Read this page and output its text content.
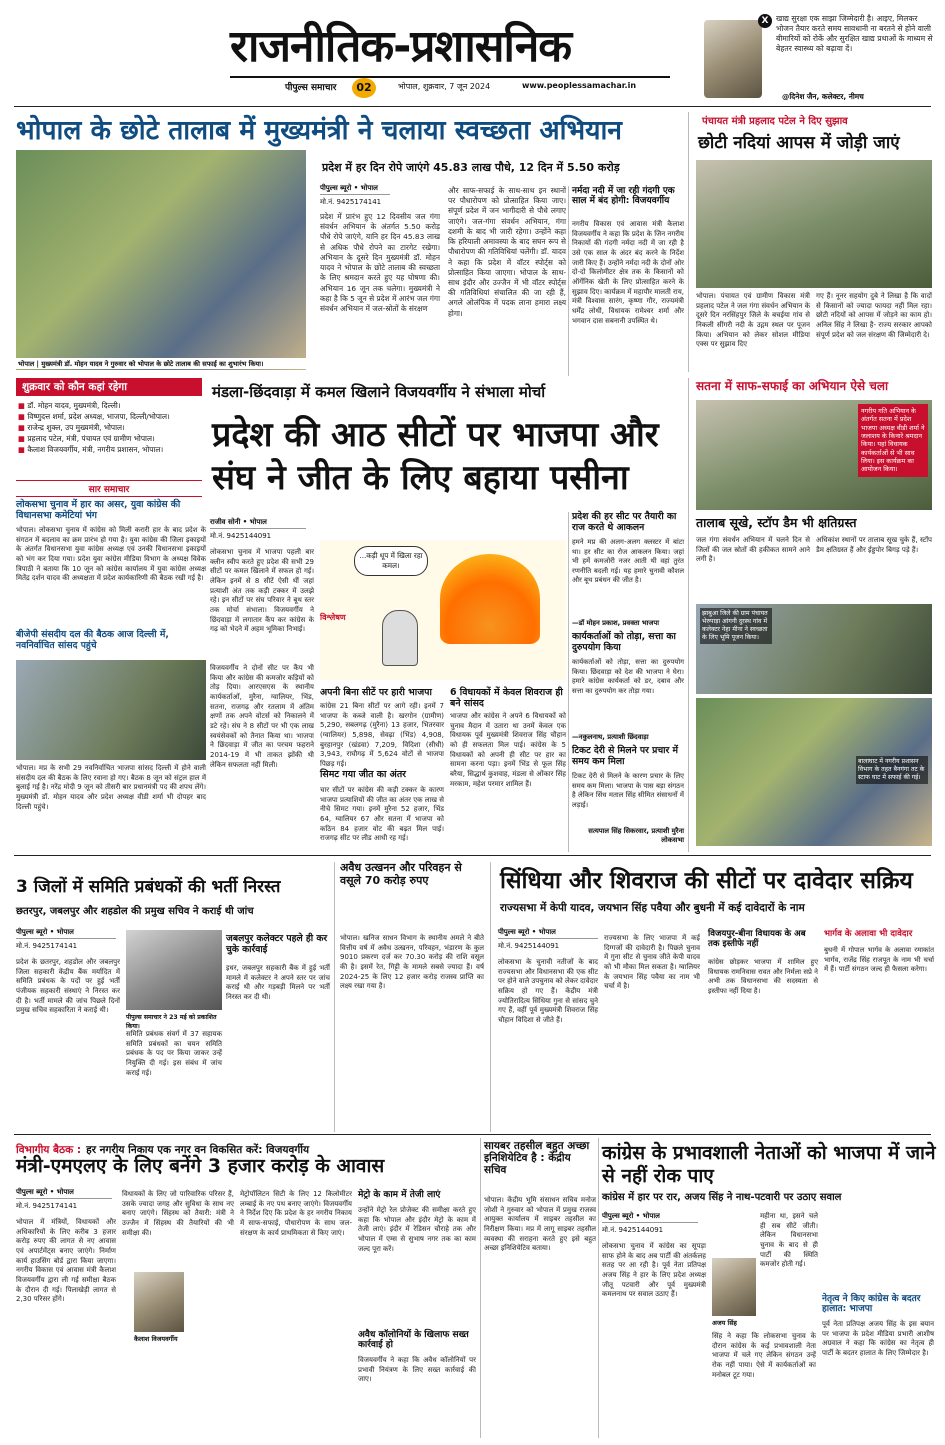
राजनीतिक-प्रशासनिक
पीपुल्स समाचार	02	भोपाल, शुक्रवार, 7 जून 2024	www.peoplessamachar.in
X खाद्य सुरक्षा एक साझा जिम्मेदारी है। आइए, मिलकर भोजन तैयार करते समय सावधानी ना बरतने से होने वाली बीमारियों को रोकें और सुरक्षित खाद्य प्रथाओं के माध्यम से बेहतर स्वास्थ्य को बढ़ावा दें।
@दिनेश जैन, कलेक्टर, नीमच
भोपाल के छोटे तालाब में मुख्यमंत्री ने चलाया स्वच्छता अभियान
भोपाल | मुख्यमंत्री डॉ. मोहन यादव ने गुरुवार को भोपाल के छोटे तालाब की सफाई का शुभारंभ किया।
प्रदेश में हर दिन रोपे जाएंगे 45.83 लाख पौधे, 12 दिन में 5.50 करोड़
पीपुल्स ब्यूरो • भोपाल
मो.नं. 9425174141
प्रदेश में प्रारंभ हुए 12 दिवसीय जल गंगा संवर्धन अभियान के अंतर्गत 5.50 करोड़ पौधे रोपे जाएंगे, यानि हर दिन 45.83 लाख से अधिक पौधे रोपने का टारगेट रखेगा। अभियान के दूसरे दिन मुख्यमंत्री डॉ. मोहन यादव ने भोपाल के छोटे तालाब की स्वच्छता के लिए श्रमदान करते हुए यह घोषणा की। अभियान 16 जून तक चलेगा। मुख्यमंत्री ने कहा है कि 5 जून से प्रदेश में आरंभ जल गंगा संवर्धन अभियान में जल-स्रोतों के संरक्षण
और साफ-सफाई के साथ-साथ इन स्थानों पर पौधारोपण को प्रोत्साहित किया जाए। संपूर्ण प्रदेश में जन भागीदारी से पौधे लगाए जाएंगे। जल-गंगा संवर्धन अभियान, गंगा दशमी के बाद भी जारी रहेगा। उन्होंने कहा कि हरियाली अमावस्या के बाद सघन रूप से पौधारोपण की गतिविधियां चलेंगी। डॉ. यादव ने कहा कि प्रदेश में वॉटर स्पोर्ट्स को प्रोत्साहित किया जाएगा। भोपाल के साथ-साथ इंदौर और उज्जैन में भी वॉटर स्पोर्ट्स की गतिविधियां संचालित की जा रही हैं, अगले ओलंपिक में पदक लाना हमारा लक्ष्य होगा।
नर्मदा नदी में जा रही गंदगी एक साल में बंद होगी: विजयवर्गीय
नगरीय विकास एवं आवास मंत्री कैलाश विजयवर्गीय ने कहा कि प्रदेश के जिन नगरीय निकायों की गंदगी नर्मदा नदी में जा रही है उसे एक साल के अंदर बंद करने के निर्देश जारी किए हैं। उन्होंने नर्मदा नदी के दोनों ओर दो-दो किलोमीटर क्षेत्र तक के किसानों को ऑर्गेनिक खेती के लिए प्रोत्साहित करने के सुझाव दिए। कार्यक्रम में महापौर मालती राय, मंत्री विश्वास सारंग, कृष्णा गौर, राज्यमंत्री धर्मेंद्र लोधी, विधायक रामेश्वर शर्मा और भगवान दास सबनानी उपस्थित थे।
पंचायत मंत्री प्रहलाद पटेल ने दिए सुझाव
छोटी नदियां आपस में जोड़ी जाएं
भोपाल। पंचायत एवं ग्रामीण विकास मंत्री प्रहलाद पटेल ने जल गंगा संवर्धन अभियान के दूसरे दिन नरसिंहपुर जिले के बचईया गांव से निकली सींगरी नदी के उद्गम स्थल पर पूजन किया। अभियान को लेकर सोशल मीडिया एक्स पर सुझाव दिए
गए हैं। नूनर सहयोग दुबे ने लिखा है कि वादों से किसानों को ज्यादा फायदा नहीं मिल रहा। छोटी नदियों को आपस में जोड़ने का काम हो। अनिल सिंह ने लिखा है- राज्य सरकार आपको संपूर्ण प्रदेश को जल संरक्षण की जिम्मेदारी दे।
शुक्रवार को कौन कहां रहेगा
■ डॉ. मोहन यादव, मुख्यमंत्री, दिल्ली।
■ विष्णुदत्त शर्मा, प्रदेश अध्यक्ष, भाजपा, दिल्ली/भोपाल।
■ राजेन्द्र शुक्ल, उप मुख्यमंत्री, भोपाल।
■ प्रहलाद पटेल, मंत्री, पंचायत एवं ग्रामीण भोपाल।
■ कैलाश विजयवर्गीय, मंत्री, नगरीय प्रशासन, भोपाल।
सार समाचार
लोकसभा चुनाव में हार का असर, युवा कांग्रेस की विधानसभा कमेटियां भंग
भोपाल। लोकसभा चुनाव में कांग्रेस को मिली करारी हार के बाद प्रदेश के संगठन में बदलाव का क्रम प्रारंभ हो गया है। युवा कांग्रेस की जिला इकाइयों के अंतर्गत विधानसभा युवा कांग्रेस अध्यक्ष एवं उनकी विधानसभा इकाइयों को भंग कर दिया गया। प्रदेश युवा कांग्रेस मीडिया विभाग के अध्यक्ष विवेक त्रिपाठी ने बताया कि 10 जून को कांग्रेस कार्यालय में युवा कांग्रेस अध्यक्ष मितेंद्र दर्शन यादव की अध्यक्षता में प्रदेश कार्यकारिणी की बैठक रखी गई है।
बीजेपी संसदीय दल की बैठक आज दिल्ली में, नवनिर्वाचित सांसद पहुंचे
भोपाल। मप्र के सभी 29 नवनिर्वाचित भाजपा सांसद दिल्ली में होने वाली संसदीय दल की बैठक के लिए रवाना हो गए। बैठक 8 जून को संट्रल हाल में बुलाई गई है। नरेंद्र मोदी 9 जून को तीसरी बार प्रधानमंत्री पद की शपथ लेंगे। मुख्यमंत्री डॉ. मोहन यादव और प्रदेश अध्यक्ष वीडी शर्मा भी दोपहर बाद दिल्ली पहुंचे।
मंडला-छिंदवाड़ा में कमल खिलाने विजयवर्गीय ने संभाला मोर्चा
प्रदेश की आठ सीटों पर भाजपा और संघ ने जीत के लिए बहाया पसीना
राजीव सोनी • भोपाल
मो.नं. 9425144091
लोकसभा चुनाव में भाजपा पहली बार क्लीन स्वीप करते हुए प्रदेश की सभी 29 सीटों पर कमल खिलाने में सफल हो गई। लेकिन इनमें से 8 सीटें ऐसी थीं जहां प्रत्याशी अंत तक कड़ी टक्कर में उलझे रहे। इन सीटों पर संघ परिवार ने बूथ स्तर तक मोर्चा संभाला। विजयवर्गीय ने छिंदवाड़ा में लगातार कैंप कर कांग्रेस के गढ़ को भेदने में अहम भूमिका निभाई।
विजयवर्गीय ने दोनों सीट पर कैंप भी किया और कांग्रेस की कमजोर कड़ियों को तोड़ दिया। आरएसएस के स्थानीय कार्यकर्ताओं, मुरैना, ग्वालियर, भिंड, सतना, राजगढ़ और रतलाम में अंतिम क्षणों तक अपने वोटर्स को निकालने में डटे रहे। संघ ने 8 सीटों पर भी एक लाख स्वयंसेवकों को तैनात किया था। भाजपा ने छिंदवाड़ा में जीत का परचम फहराने 2014-19 में भी ताकत झोंकी थी लेकिन सफलता नहीं मिली।
विश्लेषण
...कड़ी धूप में खिला रहा कमल।
अपनी बिना सीटें पर हारी भाजपा
कांग्रेस 21 बिना सीटों पर आगे रही। इनमें 7 भाजपा के कब्जे वाली है। खरगोन (ग्रामीण) 5,290, सबलगढ़ (मुरैना) 13 हजार, भितरवार (ग्वालियर) 5,898, सेवढ़ा (भिंड) 4,908, बुरहानपुर (खंडवा) 7,209, विदिशा (सीधी) 3,943, राघौगढ़ में 5,624 वोटों से भाजपा पिछड़ गई।
सिमट गया जीत का अंतर
चार सीटों पर कांग्रेस की कड़ी टक्कर के कारण भाजपा प्रत्याशियों की जीत का अंतर एक लाख से नीचे सिमट गया। इनमें मुरैना 52 हजार, भिंड 64, ग्वालियर 67 और सतना में भाजपा को कठिन 84 हजार वोट की बढ़त मिल पाई। राजगढ़ सीट पर लीड आधी रह गई।
6 विधायकों में केवल शिवराज ही बने सांसद
भाजपा और कांग्रेस ने अपने 6 विधायकों को चुनाव मैदान में उतारा था उनमें केवल एक विधायक पूर्व मुख्यमंत्री शिवराज सिंह चौहान को ही सफलता मिल पाई। कांग्रेस के 5 विधायकों को अपनी ही सीट पर हार का सामना करना पड़ा। इनमें भिंड से फूल सिंह बरैया, सिद्धार्थ कुशवाह, मंडला से ओंकार सिंह मरकाम, महेश परमार शामिल हैं।
प्रदेश की हर सीट पर तैयारी का राज करते थे आकलन
हमने मप्र की अलग-अलग क्लस्टर में बांटा था। हर सीट का रोज आकलन किया। जहां भी हमें कमजोरी नजर आती थी वहां तुरंत रणनीति बदली गई। यह हमारे चुनावी कौशल और बूथ प्रबंधन की जीत है।
—डॉ मोहन प्रकाश, प्रवक्ता भाजपा
कार्यकर्ताओं को तोड़ा, सत्ता का दुरुपयोग किया
कार्यकर्ताओं को तोड़ा, सत्ता का दुरुपयोग किया। छिंदवाड़ा को देश की भाजपा ने घेरा। हमारे कांग्रेस कार्यकर्ता को डर, दबाव और सत्ता का दुरुपयोग कर तोड़ा गया।
—नकुलनाथ, प्रत्याशी छिंदवाड़ा
टिकट देरी से मिलने पर प्रचार में समय कम मिला
टिकट देरी से मिलने के कारण प्रचार के लिए समय कम मिला। भाजपा के पास बड़ा संगठन है लेकिन सिंध मताल सिंह सीमित संसाधनों में लड़ाई।
सत्यपाल सिंह सिकरवार, प्रत्याशी मुरैना लोकसभा
सतना में साफ-सफाई का अभियान ऐसे चला
नगरीय गति अभियान के अंतर्गत सतना में प्रदेश भाजपा अध्यक्ष वीडी शर्मा ने जलाशय के किनारे श्रमदान किया। यहां विधायक कार्यकर्ताओं से भी साथ लिया। इस कार्यक्रम का आयोजन किया।
तालाब सूखे, स्टॉप डैम भी क्षतिग्रस्त
जल गंगा संवर्धन अभियान में चलने दिन से जिलों की जल स्रोतों की हकीकत सामने आने लगी है।
अधिकांश स्थानों पर तालाब सूख चुके हैं, स्टॉप डैम क्षतिग्रस्त हैं और ईड्डपोर बिगड़ पड़े हैं।
झाबुआ जिले की ग्राम पंचायत भेरुपाड़ा आंगनी दुरस्थ गांव में कलेक्टर नेहा मीना ने स्वच्छता के लिए भूमि पूजन किया।
बालाघाट में नगरीय प्रशासन विभाग के तहत बैनगंगा तट के स्टाफ घाट में सफाई की गई।
3 जिलों में समिति प्रबंधकों की भर्ती निरस्त
छतरपुर, जबलपुर और शहडोल की प्रमुख सचिव ने कराई थी जांच
पीपुल्स ब्यूरो • भोपाल
मो.नं. 9425174141
प्रदेश के छतरपुर, शहडोल और जबलपुर जिला सहकारी केंद्रीय बैंक मर्यादित में समिति प्रबंधक के पदों पर हुई भर्ती पंजीयक सहकारी संस्थाएं ने निरस्त कर दी है। भर्ती मामले की जांच पिछले दिनों प्रमुख सचिव सहकारिता ने कराई थी।
पीपुल्स समाचार ने 23 मई को प्रकाशित किया।
समिति प्रबंधक संवर्ग में 37 सहायक समिति प्रबंधकों का चयन समिति प्रबंधक के पद पर किया जाकर उन्हें नियुक्ति दी गई। इस संबंध में जांच कराई गई।
जबलपुर कलेक्टर पहले ही कर चुके कार्रवाई
इधर, जबलपुर सहकारी बैंक में हुई भर्ती मामले में कलेक्टर ने अपने स्तर पर जांच कराई थी और गड़बड़ी मिलने पर भर्ती निरस्त कर दी थी।
अवैध उत्खनन और परिवहन से वसूले 70 करोड़ रुपए
भोपाल। खनिज साधन विभाग के स्थानीय अमले ने बीते वित्तीय वर्ष में अवैध उत्खनन, परिवहन, भंडारण के कुल 9010 प्रकरण दर्ज कर 70.30 करोड़ की राशि वसूल की है। इसमें रेत, गिट्टी के मामले सबसे ज्यादा हैं। वर्ष 2024-25 के लिए 12 हजार करोड़ राजस्व प्राप्ति का लक्ष्य रखा गया है।
सिंधिया और शिवराज की सीटों पर दावेदार सक्रिय
राज्यसभा में केपी यादव, जयभान सिंह पवैया और बुधनी में कई दावेदारों के नाम
पीपुल्स ब्यूरो • भोपाल
मो.नं. 9425144091
लोकसभा के चुनावी नतीजों के बाद राज्यसभा और विधानसभा की एक सीट पर होने वाले उपचुनाव को लेकर दावेदार सक्रिय हो गए हैं। केंद्रीय मंत्री ज्योतिरादित्य सिंधिया गुना से सांसद चुने गए हैं, वहीं पूर्व मुख्यमंत्री शिवराज सिंह चौहान विदिशा से जीते हैं।
राज्यसभा के लिए भाजपा में कई दिग्गजों की दावेदारी है। पिछले चुनाव में गुना सीट से चुनाव जीते केपी यादव को भी मौका मिल सकता है। ग्वालियर के जयभान सिंह पवैया का नाम भी चर्चा में है।
विजयपुर-बीना विधायक के अब तक इस्तीफे नहीं
कांग्रेस छोड़कर भाजपा में शामिल हुए विधायक रामनिवास रावत और निर्मला सप्रे ने अभी तक विधानसभा की सदस्यता से इस्तीफा नहीं दिया है।
भार्गव के अलावा भी दावेदार
बुधनी में गोपाल भार्गव के अलावा रमाकांत भार्गव, राजेंद्र सिंह राजपूत के नाम भी चर्चा में हैं। पार्टी संगठन जल्द ही फैसला करेगा।
विभागीय बैठक : हर नगरीय निकाय एक नगर वन विकसित करें: विजयवर्गीय
मंत्री-एमएलए के लिए बनेंगे 3 हजार करोड़ के आवास
पीपुल्स ब्यूरो • भोपाल
मो.नं. 9425174141
भोपाल में मंत्रियों, विधायकों और अधिकारियों के लिए करीब 3 हजार करोड़ रुपए की लागत से नए आवास एवं अपार्टमेंट्स बनाए जाएंगे। निर्माण कार्य हाउसिंग बोर्ड द्वारा किया जाएगा। नगरीय विकास एवं आवास मंत्री कैलाश विजयवर्गीय द्वारा ली गई समीक्षा बैठक के दौरान दी गई। पिलाखेड़ी लागत से 2,30 परिसर होंगे।
विधायकों के लिए जो पारिवारिक परिसर हैं, उसके ज्यादा जगह और सुविधा के साथ नए बनाए जाएंगे। सिंहस्थ को तैयारी: मंत्री ने उज्जैन में सिंहस्थ की तैयारियों की भी समीक्षा की।
कैलाश विजयवर्गीय
मेट्रोपॉलिटन सिटी के लिए 12 किलोमीटर लम्बाई के नए पथ बनाए जाएंगे। विजयवर्गीय ने निर्देश दिए कि प्रदेश के हर नगरीय निकाय में साफ-सफाई, पौधारोपण के साथ जल-संरक्षण के कार्य प्राथमिकता से किए जाएं।
मेट्रो के काम में तेजी लाएं
उन्होंने मेट्रो रेल प्रोजेक्ट की समीक्षा करते हुए कहा कि भोपाल और इंदौर मेट्रो के काम में तेजी लाएं। इंदौर में रेडिसन चौराहे तक और भोपाल में एम्स से सुभाष नगर तक का काम जल्द पूरा करें।
अवैध कॉलोनियों के खिलाफ सख्त कार्रवाई हो
विजयवर्गीय ने कहा कि अवैध कॉलोनियों पर प्रभावी नियंत्रण के लिए सख्त कार्रवाई की जाए।
सायबर तहसील बहुत अच्छा इनिशियेटिव है : केंद्रीय सचिव
भोपाल। केंद्रीय भूमि संसाधन सचिव मनोज जोशी ने गुरुवार को भोपाल में प्रमुख राजस्व आयुक्त कार्यालय में साइबर तहसील का निरीक्षण किया। मप्र में लागू साइबर तहसील व्यवस्था की सराहना करते हुए इसे बहुत अच्छा इनिशियेटिव बताया।
कांग्रेस के प्रभावशाली नेताओं को भाजपा में जाने से नहीं रोक पाए
कांग्रेस में हार पर रार, अजय सिंह ने नाथ-पटवारी पर उठाए सवाल
पीपुल्स ब्यूरो • भोपाल
मो.नं. 9425144091
लोकसभा चुनाव में कांग्रेस का सूपड़ा साफ होने के बाद अब पार्टी की अंतर्कलह सतह पर आ रही है। पूर्व नेता प्रतिपक्ष अजय सिंह ने हार के लिए प्रदेश अध्यक्ष जीतू पटवारी और पूर्व मुख्यमंत्री कमलनाथ पर सवाल उठाए हैं।
अजय सिंह
सिंह ने कहा कि लोकसभा चुनाव के दौरान कांग्रेस के कई प्रभावशाली नेता भाजपा में चले गए लेकिन संगठन उन्हें रोक नहीं पाया। ऐसे में कार्यकर्ताओं का मनोबल टूट गया।
महीना था, इसने चले ही सब सीटें जीती। लेकिन विधानसभा चुनाव के बाद से ही पार्टी की स्थिति कमजोर होती गई।
नेतृत्व ने किए कांग्रेस के बदतर हालात: भाजपा
पूर्व नेता प्रतिपक्ष अजय सिंह के इस बयान पर भाजपा के प्रदेश मीडिया प्रभारी आशीष अग्रवाल ने कहा कि कांग्रेस का नेतृत्व ही पार्टी के बदतर हालात के लिए जिम्मेदार है।
